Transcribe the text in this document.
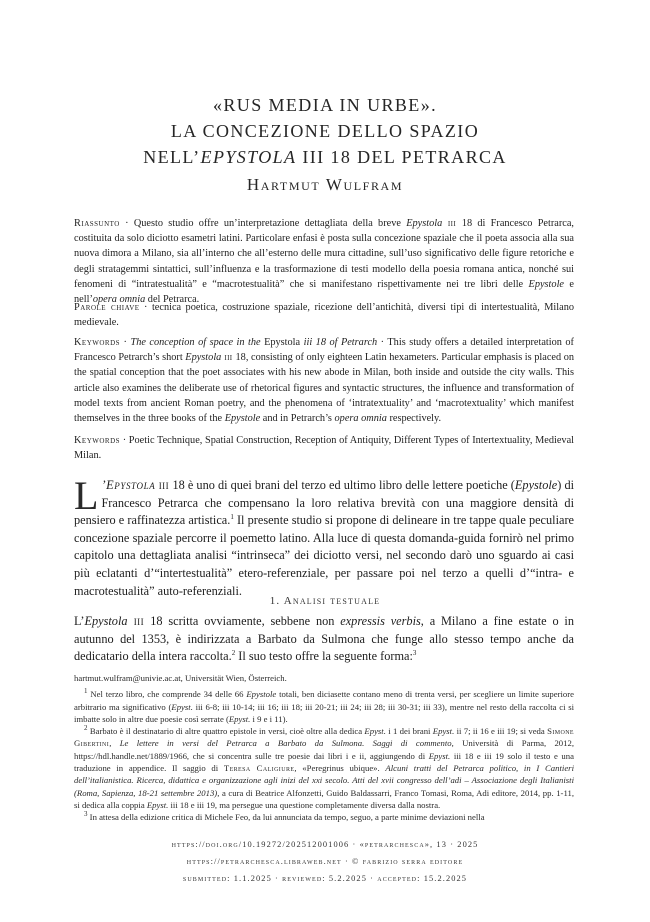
«RUS MEDIA IN URBE».
LA CONCEZIONE DELLO SPAZIO
NELL’EPYSTOLA III 18 DEL PETRARCA
Hartmut Wulfram
Riassunto · Questo studio offre un’interpretazione dettagliata della breve Epystola iii 18 di Francesco Petrarca, costituita da solo diciotto esametri latini. Particolare enfasi è posta sulla concezione spaziale che il poeta associa alla sua nuova dimora a Milano, sia all’interno che all’esterno delle mura cittadine, sull’uso significativo delle figure retoriche e degli stratagemmi sintattici, sull’influenza e la trasformazione di testi modello della poesia romana antica, nonché sui fenomeni di “intratestualità” e “macrotestualità” che si manifestano rispettivamente nei tre libri delle Epystole e nell’opera omnia del Petrarca.
Parole chiave · tecnica poetica, costruzione spaziale, ricezione dell’antichità, diversi tipi di intertestualità, Milano medievale.
Keywords · The conception of space in the Epystola iii 18 of Petrarch · This study offers a detailed interpretation of Francesco Petrarch’s short Epystola iii 18, consisting of only eighteen Latin hexameters. Particular emphasis is placed on the spatial conception that the poet associates with his new abode in Milan, both inside and outside the city walls. This article also examines the deliberate use of rhetorical figures and syntactic structures, the influence and transformation of model texts from ancient Roman poetry, and the phenomena of ‘intratextuality’ and ‘macrotextuality’ which manifest themselves in the three books of the Epystole and in Petrarch’s opera omnia respectively.
Keywords · Poetic Technique, Spatial Construction, Reception of Antiquity, Different Types of Intertextuality, Medieval Milan.
L ’Epystola iii 18 è uno di quei brani del terzo ed ultimo libro delle lettere poetiche (Epystole) di Francesco Petrarca che compensano la loro relativa brevità con una maggiore densità di pensiero e raffinatezza artistica.$^1$ Il presente studio si propone di delineare in tre tappe quale peculiare concezione spaziale percorre il poemetto latino. Alla luce di questa domanda-guida fornirò nel primo capitolo una dettagliata analisi “intrinseca” dei diciotto versi, nel secondo darò uno sguardo ai casi più eclatanti d’“intertestualità” etero-referenziale, per passare poi nel terzo a quelli d’“intra- e macrotestualità” auto-referenziali.
1. Analisi testuale
L’Epystola iii 18 scritta ovviamente, sebbene non expressis verbis, a Milano a fine estate o in autunno del 1353, è indirizzata a Barbato da Sulmona che funge allo stesso tempo anche da dedicatario della intera raccolta.$^2$ Il suo testo offre la seguente forma:$^3$

hartmut.wulfram@univie.ac.at, Universität Wien, Österreich.

$^1$ Nel terzo libro, che comprende 34 delle 66 Epystole totali, ben diciasette contano meno di trenta versi, per scegliere un limite superiore arbitrario ma significativo (Epyst. iii 6-8; iii 10-14; iii 16; iii 18; iii 20-21; iii 24; iii 28; iii 30-31; iii 33), mentre nel resto della raccolta ci si imbatte solo in altre due poesie così serrate (Epyst. i 9 e i 11).

$^2$ Barbato è il destinatario di altre quattro epistole in versi, cioè oltre alla dedica Epyst. i 1 dei brani Epyst. ii 7; ii 16 e iii 19; si veda Simone Gibertini, Le lettere in versi del Petrarca a Barbato da Sulmona. Saggi di commento, Università di Parma, 2012, https://hdl.handle.net/1889/1966, che si concentra sulle tre poesie dai libri i e ii, aggiungendo di Epyst. iii 18 e iii 19 solo il testo e una traduzione in appendice. Il saggio di Teresa Caligiure, «Peregrinus ubique». Alcuni tratti del Petrarca politico, in I Cantieri dell’italianistica. Ricerca, didattica e organizzazione agli inizi del xxi secolo. Atti del xvii congresso dell’adi – Associazione degli Italianisti (Roma, Sapienza, 18-21 settembre 2013), a cura di Beatrice Alfonzetti, Guido Baldassarri, Franco Tomasi, Roma, Adi editore, 2014, pp. 1-11, si dedica alla coppia Epyst. iii 18 e iii 19, ma persegue una questione completamente diversa dalla nostra.

$^3$ In attesa della edizione critica di Michele Feo, da lui annunciata da tempo, seguo, a parte minime deviazioni nella

https://doi.org/10.19272/202512001006 · «petrarchesca», 13 · 2025
https://petrarchesca.libraweb.net · © fabrizio serra editore
submitted: 1.1.2025 · reviewed: 5.2.2025 · accepted: 15.2.2025
